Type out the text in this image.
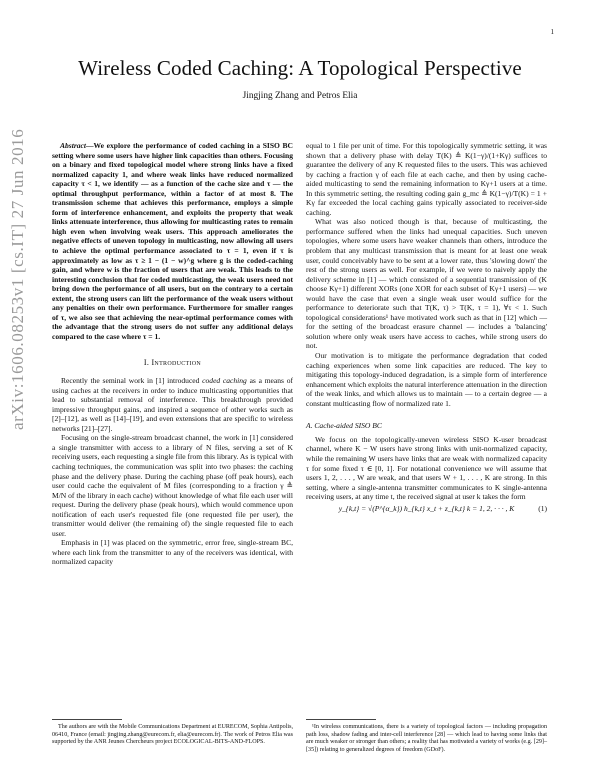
1
arXiv:1606.08253v1 [cs.IT] 27 Jun 2016
Wireless Coded Caching: A Topological Perspective
Jingjing Zhang and Petros Elia

Abstract—We explore the performance of coded caching in a SISO BC setting where some users have higher link capacities than others. Focusing on a binary and fixed topological model where strong links have a fixed normalized capacity 1, and where weak links have reduced normalized capacity τ < 1, we identify — as a function of the cache size and τ — the optimal throughput performance, within a factor of at most 8. The transmission scheme that achieves this performance, employs a simple form of interference enhancement, and exploits the property that weak links attenuate interference, thus allowing for multicasting rates to remain high even when involving weak users. This approach ameliorates the negative effects of uneven topology in multicasting, now allowing all users to achieve the optimal performance associated to τ = 1, even if τ is approximately as low as τ ≥ 1 − (1 − w)^g where g is the coded-caching gain, and where w is the fraction of users that are weak. This leads to the interesting conclusion that for coded multicasting, the weak users need not bring down the performance of all users, but on the contrary to a certain extent, the strong users can lift the performance of the weak users without any penalties on their own performance. Furthermore for smaller ranges of τ, we also see that achieving the near-optimal performance comes with the advantage that the strong users do not suffer any additional delays compared to the case where τ = 1.

I. Introduction

Recently the seminal work in [1] introduced coded caching as a means of using caches at the receivers in order to induce multicasting opportunities that lead to substantial removal of interference. This breakthrough provided impressive throughput gains, and inspired a sequence of other works such as [2]–[12], as well as [14]–[19], and even extensions that are specific to wireless networks [21]–[27].

Focusing on the single-stream broadcast channel, the work in [1] considered a single transmitter with access to a library of N files, serving a set of K receiving users, each requesting a single file from this library. As is typical with caching techniques, the communication was split into two phases: the caching phase and the delivery phase. During the caching phase (off peak hours), each user could cache the equivalent of M files (corresponding to a fraction γ ≜ M/N of the library in each cache) without knowledge of what file each user will request. During the delivery phase (peak hours), which would commence upon notification of each user's requested file (one requested file per user), the transmitter would deliver (the remaining of) the single requested file to each user.

Emphasis in [1] was placed on the symmetric, error free, single-stream BC, where each link from the transmitter to any of the receivers was identical, with normalized capacity

The authors are with the Mobile Communications Department at EURECOM, Sophia Antipolis, 06410, France (email: jingjing.zhang@eurecom.fr, elia@eurecom.fr). The work of Petros Elia was supported by the ANR Jeunes Chercheurs project ECOLOGICAL-BITS-AND-FLOPS.

equal to 1 file per unit of time. For this topologically symmetric setting, it was shown that a delivery phase with delay T(K) ≜ K(1−γ)/(1+Kγ) suffices to guarantee the delivery of any K requested files to the users. This was achieved by caching a fraction γ of each file at each cache, and then by using cache-aided multicasting to send the remaining information to Kγ+1 users at a time. In this symmetric setting, the resulting coding gain g_mc ≜ K(1−γ)/T(K) = 1 + Kγ far exceeded the local caching gains typically associated to receiver-side caching.

What was also noticed though is that, because of multicasting, the performance suffered when the links had unequal capacities. Such uneven topologies, where some users have weaker channels than others, introduce the problem that any multicast transmission that is meant for at least one weak user, could conceivably have to be sent at a lower rate, thus 'slowing down' the rest of the strong users as well. For example, if we were to naively apply the delivery scheme in [1] — which consisted of a sequential transmission of (K choose Kγ+1) different XORs (one XOR for each subset of Kγ+1 users) — we would have the case that even a single weak user would suffice for the performance to deteriorate such that T(K, τ) > T(K, τ = 1), ∀τ < 1. Such topological considerations¹ have motivated work such as that in [12] which — for the setting of the broadcast erasure channel — includes a 'balancing' solution where only weak users have access to caches, while strong users do not.

Our motivation is to mitigate the performance degradation that coded caching experiences when some link capacities are reduced. The key to mitigating this topology-induced degradation, is a simple form of interference enhancement which exploits the natural interference attenuation in the direction of the weak links, and which allows us to maintain — to a certain degree — a constant multicasting flow of normalized rate 1.

A. Cache-aided SISO BC

We focus on the topologically-uneven wireless SISO K-user broadcast channel, where K − W users have strong links with unit-normalized capacity, while the remaining W users have links that are weak with normalized capacity τ for some fixed τ ∈ [0, 1]. For notational convenience we will assume that users 1, 2, . . . , W are weak, and that users W + 1, . . . , K are strong. In this setting, where a single-antenna transmitter communicates to K single-antenna receiving users, at any time t, the received signal at user k takes the form

y_{k,t} = √(P^{α_k}) h_{k,t} x_t + z_{k,t} k = 1, 2, · · · , K	(1)

¹In wireless communications, there is a variety of topological factors — including propagation path loss, shadow fading and inter-cell interference [28] — which lead to having some links that are much weaker or stronger than others; a reality that has motivated a variety of works (e.g. [29]–[35]) relating to generalized degrees of freedom (GDoF).
